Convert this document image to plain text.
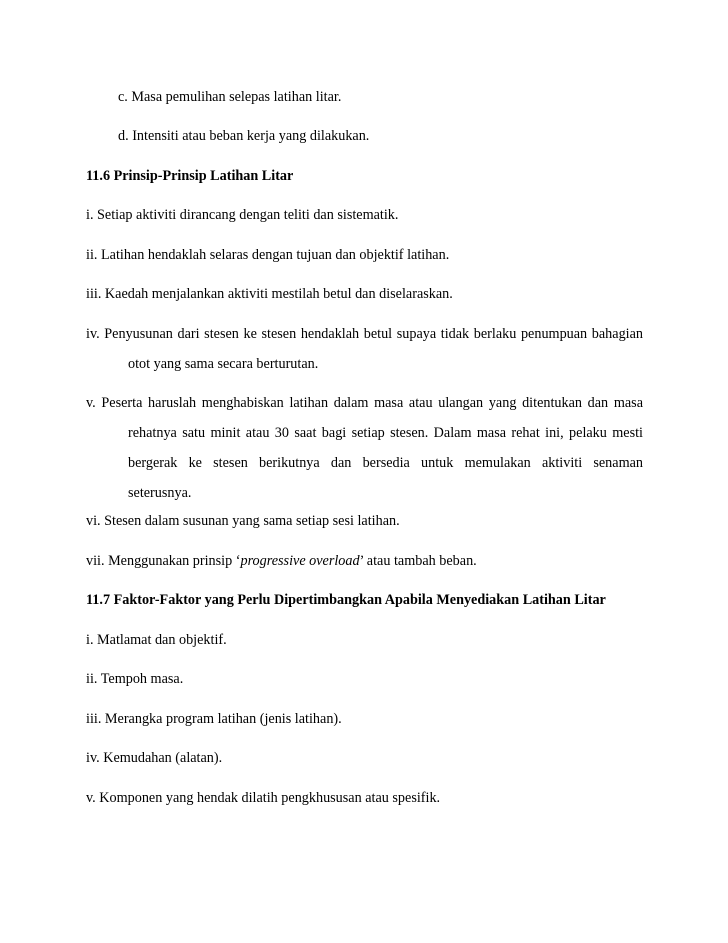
c. Masa pemulihan selepas latihan litar.
d. Intensiti atau beban kerja yang dilakukan.
11.6 Prinsip-Prinsip Latihan Litar
i. Setiap aktiviti dirancang dengan teliti dan sistematik.
ii. Latihan hendaklah selaras dengan tujuan dan objektif latihan.
iii. Kaedah menjalankan aktiviti mestilah betul dan diselaraskan.
iv. Penyusunan dari stesen ke stesen hendaklah betul supaya tidak berlaku penumpuan bahagian
otot yang sama secara berturutan.
v. Peserta haruslah menghabiskan latihan dalam masa atau ulangan yang ditentukan dan masa
rehatnya satu minit atau 30 saat bagi setiap stesen. Dalam masa rehat ini, pelaku mesti
bergerak ke stesen berikutnya dan bersedia untuk memulakan aktiviti senaman
seterusnya.
vi. Stesen dalam susunan yang sama setiap sesi latihan.
vii. Menggunakan prinsip ‘progressive overload’ atau tambah beban.
11.7 Faktor-Faktor yang Perlu Dipertimbangkan Apabila Menyediakan Latihan Litar
i. Matlamat dan objektif.
ii. Tempoh masa.
iii. Merangka program latihan (jenis latihan).
iv. Kemudahan (alatan).
v. Komponen yang hendak dilatih pengkhususan atau spesifik.
